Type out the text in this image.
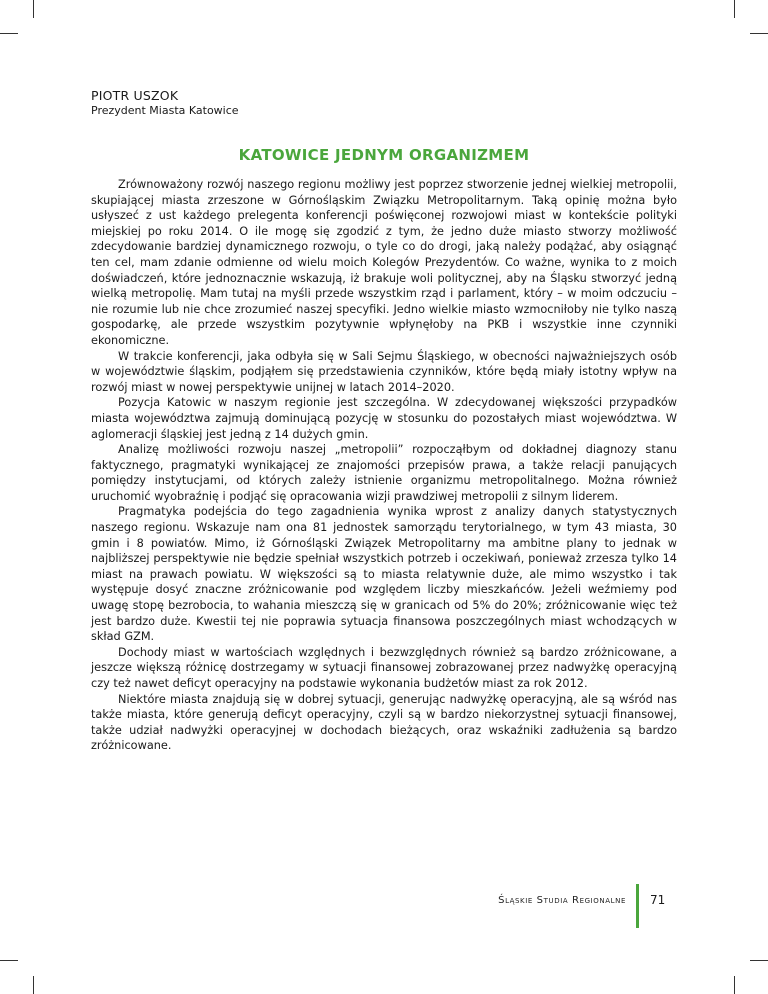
PIOTR USZOK
Prezydent Miasta Katowice
KATOWICE JEDNYM ORGANIZMEM

Zrównoważony rozwój naszego regionu możliwy jest poprzez stworzenie jednej wielkiej metropolii, skupiającej miasta zrzeszone w Górnośląskim Związku Metropolitarnym. Taką opinię można było usłyszeć z ust każdego prelegenta konferencji poświęconej rozwojowi miast w kontekście polityki miejskiej po roku 2014. O ile mogę się zgodzić z tym, że jedno duże miasto stworzy możliwość zdecydowanie bardziej dynamicznego rozwoju, o tyle co do drogi, jaką należy podążać, aby osiągnąć ten cel, mam zdanie odmienne od wielu moich Kolegów Prezydentów. Co ważne, wynika to z moich doświadczeń, które jednoznacznie wskazują, iż brakuje woli politycznej, aby na Śląsku stworzyć jedną wielką metropolię. Mam tutaj na myśli przede wszystkim rząd i parlament, który – w moim odczuciu – nie rozumie lub nie chce zrozumieć naszej specyfiki. Jedno wielkie miasto wzmocniłoby nie tylko naszą gospodarkę, ale przede wszystkim pozytywnie wpłynęłoby na PKB i wszystkie inne czynniki ekonomiczne.

W trakcie konferencji, jaka odbyła się w Sali Sejmu Śląskiego, w obecności najważniejszych osób w województwie śląskim, podjąłem się przedstawienia czynników, które będą miały istotny wpływ na rozwój miast w nowej perspektywie unijnej w latach 2014–2020.

Pozycja Katowic w naszym regionie jest szczególna. W zdecydowanej większości przypadków miasta województwa zajmują dominującą pozycję w stosunku do pozostałych miast województwa. W aglomeracji śląskiej jest jedną z 14 dużych gmin.

Analizę możliwości rozwoju naszej „metropolii” rozpocząłbym od dokładnej diagnozy stanu faktycznego, pragmatyki wynikającej ze znajomości przepisów prawa, a także relacji panujących pomiędzy instytucjami, od których zależy istnienie organizmu metropolitalnego. Można również uruchomić wyobraźnię i podjąć się opracowania wizji prawdziwej metropolii z silnym liderem.

Pragmatyka podejścia do tego zagadnienia wynika wprost z analizy danych statystycznych naszego regionu. Wskazuje nam ona 81 jednostek samorządu terytorialnego, w tym 43 miasta, 30 gmin i 8 powiatów. Mimo, iż Górnośląski Związek Metropolitarny ma ambitne plany to jednak w najbliższej perspektywie nie będzie spełniał wszystkich potrzeb i oczekiwań, ponieważ zrzesza tylko 14 miast na prawach powiatu. W większości są to miasta relatywnie duże, ale mimo wszystko i tak występuje dosyć znaczne zróżnicowanie pod względem liczby mieszkańców. Jeżeli weźmiemy pod uwagę stopę bezrobocia, to wahania mieszczą się w granicach od 5% do 20%; zróżnicowanie więc też jest bardzo duże. Kwestii tej nie poprawia sytuacja finansowa poszczególnych miast wchodzących w skład GZM.

Dochody miast w wartościach względnych i bezwzględnych również są bardzo zróżnicowane, a jeszcze większą różnicę dostrzegamy w sytuacji finansowej zobrazowanej przez nadwyżkę operacyjną czy też nawet deficyt operacyjny na podstawie wykonania budżetów miast za rok 2012.

Niektóre miasta znajdują się w dobrej sytuacji, generując nadwyżkę operacyjną, ale są wśród nas także miasta, które generują deficyt operacyjny, czyli są w bardzo niekorzystnej sytuacji finansowej, także udział nadwyżki operacyjnej w dochodach bieżących, oraz wskaźniki zadłużenia są bardzo zróżnicowane.

Śląskie Studia Regionalne 71
